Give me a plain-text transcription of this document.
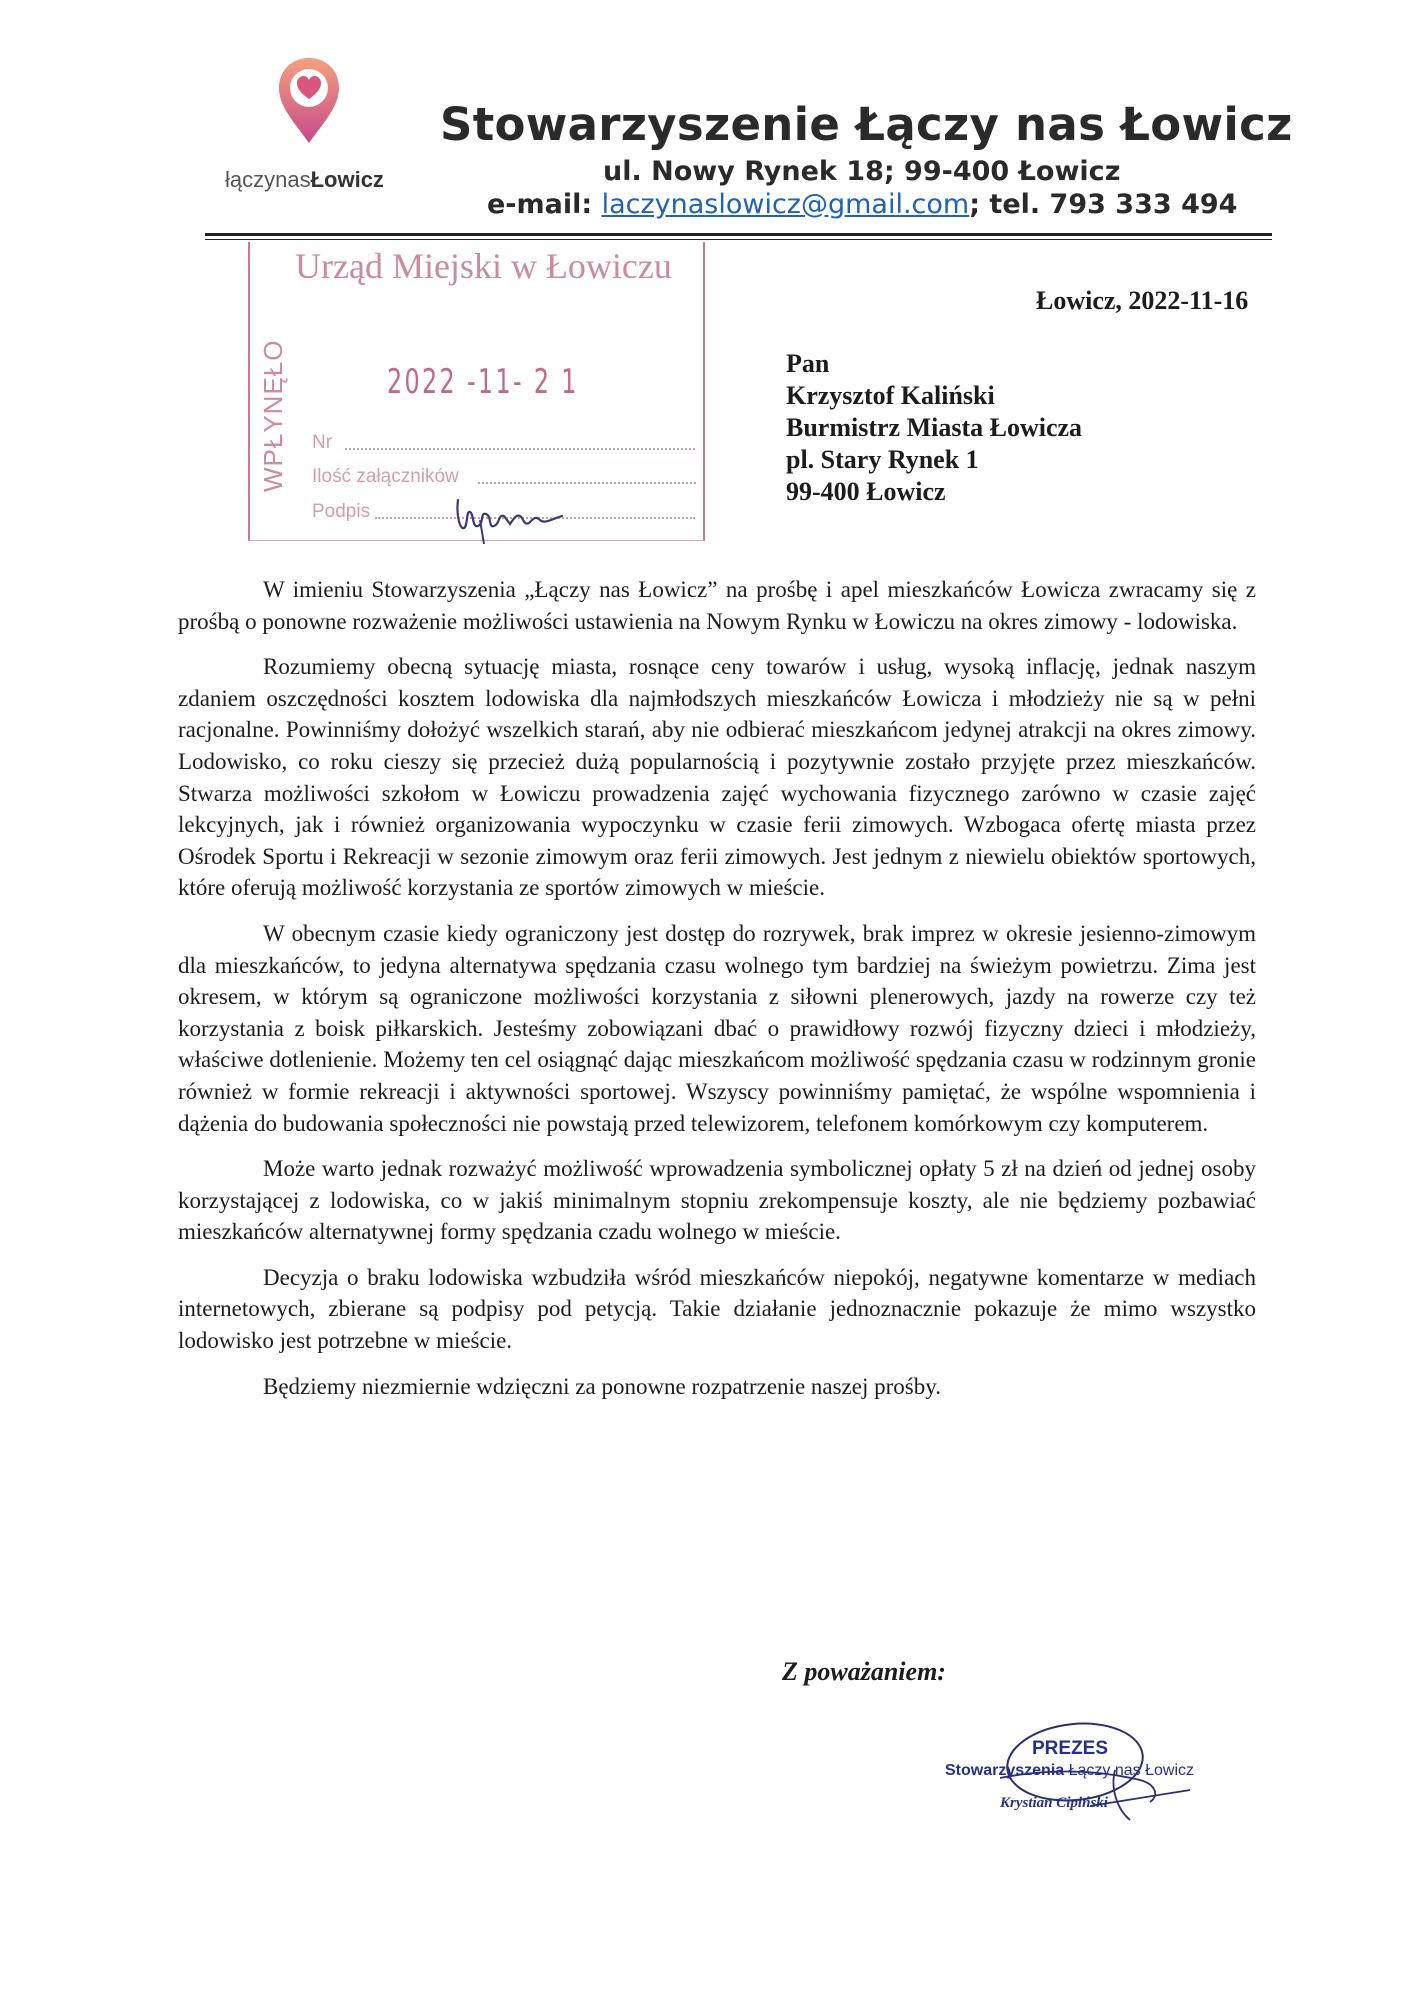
łączynasŁowicz
Stowarzyszenie Łączy nas Łowicz
ul. Nowy Rynek 18; 99-400 Łowicz
e-mail: laczynaslowicz@gmail.com; tel. 793 333 494
Urząd Miejski w Łowiczu
WPŁYNĘŁO	2022 -11- 2 1
Nr
Ilość załączników
Podpis
Łowicz, 2022-11-16
Pan
Krzysztof Kaliński
Burmistrz Miasta Łowicza
pl. Stary Rynek 1
99-400 Łowicz

W imieniu Stowarzyszenia „Łączy nas Łowicz” na prośbę i apel mieszkańców Łowicza zwracamy się z prośbą o ponowne rozważenie możliwości ustawienia na Nowym Rynku w Łowiczu na okres zimowy - lodowiska.

Rozumiemy obecną sytuację miasta, rosnące ceny towarów i usług, wysoką inflację, jednak naszym zdaniem oszczędności kosztem lodowiska dla najmłodszych mieszkańców Łowicza i młodzieży nie są w pełni racjonalne. Powinniśmy dołożyć wszelkich starań, aby nie odbierać mieszkańcom jedynej atrakcji na okres zimowy. Lodowisko, co roku cieszy się przecież dużą popularnością i pozytywnie zostało przyjęte przez mieszkańców. Stwarza możliwości szkołom w Łowiczu prowadzenia zajęć wychowania fizycznego zarówno w czasie zajęć lekcyjnych, jak i również organizowania wypoczynku w czasie ferii zimowych. Wzbogaca ofertę miasta przez Ośrodek Sportu i Rekreacji w sezonie zimowym oraz ferii zimowych. Jest jednym z niewielu obiektów sportowych, które oferują możliwość korzystania ze sportów zimowych w mieście.

W obecnym czasie kiedy ograniczony jest dostęp do rozrywek, brak imprez w okresie jesienno-zimowym dla mieszkańców, to jedyna alternatywa spędzania czasu wolnego tym bardziej na świeżym powietrzu. Zima jest okresem, w którym są ograniczone możliwości korzystania z siłowni plenerowych, jazdy na rowerze czy też korzystania z boisk piłkarskich. Jesteśmy zobowiązani dbać o prawidłowy rozwój fizyczny dzieci i młodzieży, właściwe dotlenienie. Możemy ten cel osiągnąć dając mieszkańcom możliwość spędzania czasu w rodzinnym gronie również w formie rekreacji i aktywności sportowej. Wszyscy powinniśmy pamiętać, że wspólne wspomnienia i dążenia do budowania społeczności nie powstają przed telewizorem, telefonem komórkowym czy komputerem.

Może warto jednak rozważyć możliwość wprowadzenia symbolicznej opłaty 5 zł na dzień od jednej osoby korzystającej z lodowiska, co w jakiś minimalnym stopniu zrekompensuje koszty, ale nie będziemy pozbawiać mieszkańców alternatywnej formy spędzania czadu wolnego w mieście.

Decyzja o braku lodowiska wzbudziła wśród mieszkańców niepokój, negatywne komentarze w mediach internetowych, zbierane są podpisy pod petycją. Takie działanie jednoznacznie pokazuje że mimo wszystko lodowisko jest potrzebne w mieście.

Będziemy niezmiernie wdzięczni za ponowne rozpatrzenie naszej prośby.

Z poważaniem:
PREZES
Stowarzyszenia Łączy nas Łowicz
Krystian Cipiński
